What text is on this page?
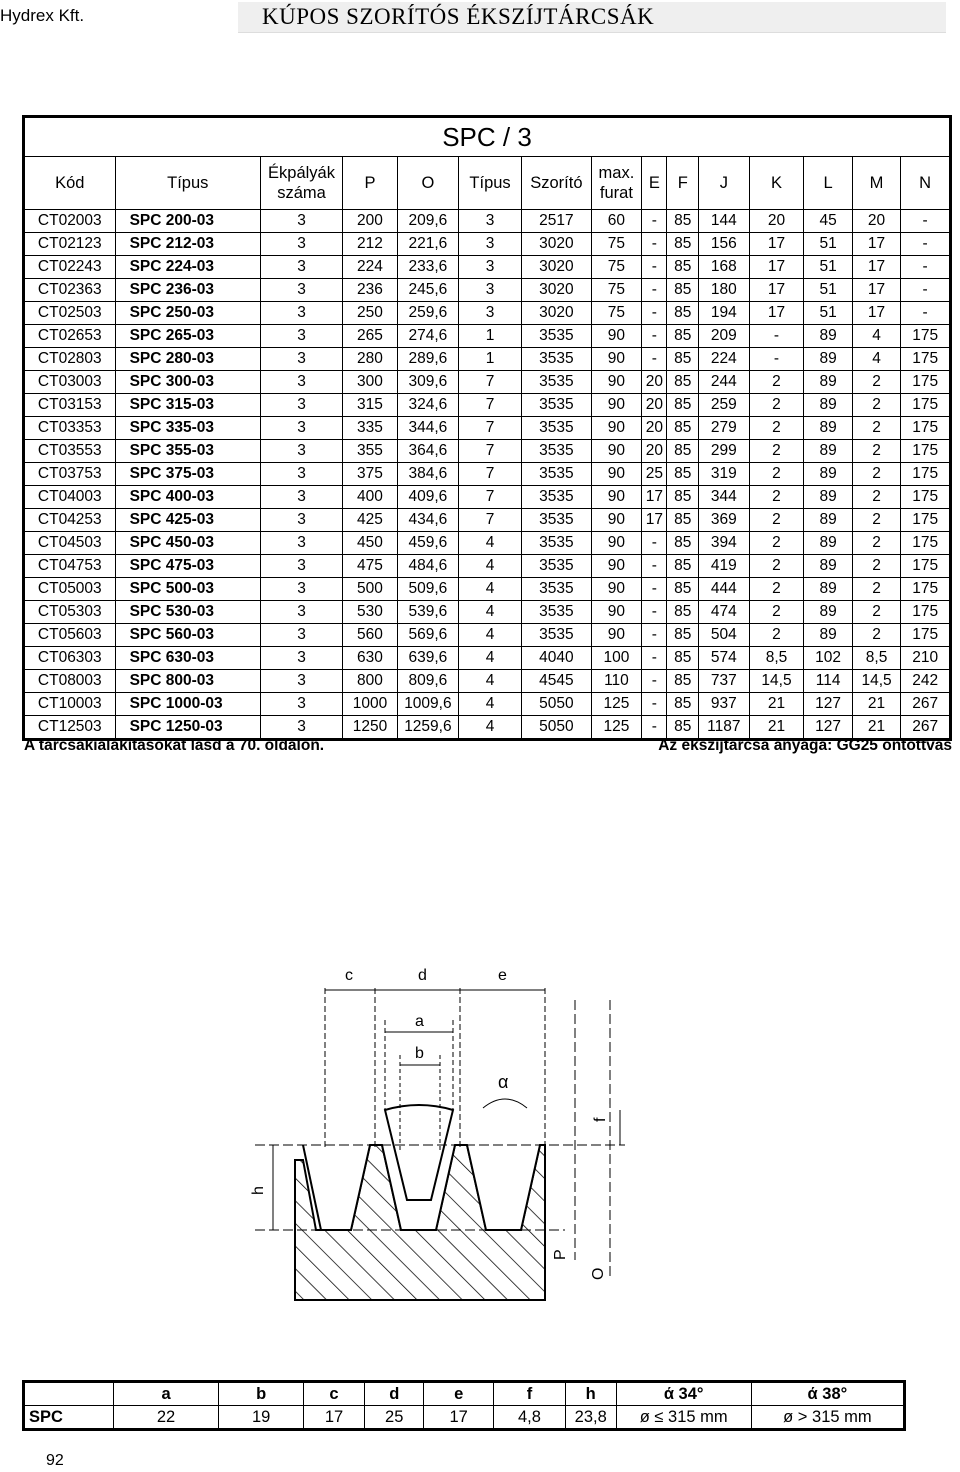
Hydrex Kft.	KÚPOS SZORÍTÓS ÉKSZÍJTÁRCSÁK
SPC / 3														
Kód	Típus	Ékpályák száma	P	O	Típus	Szorító	max. furat	E	F	J	K	L	M	N
CT02003	SPC 200-03	3	200	209,6	3	2517	60	-	85	144	20	45	20	-
CT02123	SPC 212-03	3	212	221,6	3	3020	75	-	85	156	17	51	17	-
CT02243	SPC 224-03	3	224	233,6	3	3020	75	-	85	168	17	51	17	-
CT02363	SPC 236-03	3	236	245,6	3	3020	75	-	85	180	17	51	17	-
CT02503	SPC 250-03	3	250	259,6	3	3020	75	-	85	194	17	51	17	-
CT02653	SPC 265-03	3	265	274,6	1	3535	90	-	85	209	-	89	4	175
CT02803	SPC 280-03	3	280	289,6	1	3535	90	-	85	224	-	89	4	175
CT03003	SPC 300-03	3	300	309,6	7	3535	90	20	85	244	2	89	2	175
CT03153	SPC 315-03	3	315	324,6	7	3535	90	20	85	259	2	89	2	175
CT03353	SPC 335-03	3	335	344,6	7	3535	90	20	85	279	2	89	2	175
CT03553	SPC 355-03	3	355	364,6	7	3535	90	20	85	299	2	89	2	175
CT03753	SPC 375-03	3	375	384,6	7	3535	90	25	85	319	2	89	2	175
CT04003	SPC 400-03	3	400	409,6	7	3535	90	17	85	344	2	89	2	175
CT04253	SPC 425-03	3	425	434,6	7	3535	90	17	85	369	2	89	2	175
CT04503	SPC 450-03	3	450	459,6	4	3535	90	-	85	394	2	89	2	175
CT04753	SPC 475-03	3	475	484,6	4	3535	90	-	85	419	2	89	2	175
CT05003	SPC 500-03	3	500	509,6	4	3535	90	-	85	444	2	89	2	175
CT05303	SPC 530-03	3	530	539,6	4	3535	90	-	85	474	2	89	2	175
CT05603	SPC 560-03	3	560	569,6	4	3535	90	-	85	504	2	89	2	175
CT06303	SPC 630-03	3	630	639,6	4	4040	100	-	85	574	8,5	102	8,5	210
CT08003	SPC 800-03	3	800	809,6	4	4545	110	-	85	737	14,5	114	14,5	242
CT10003	SPC 1000-03	3	1000	1009,6	4	5050	125	-	85	937	21	127	21	267
CT12503	SPC 1250-03	3	1250	1259,6	4	5050	125	-	85	1187	21	127	21	267
A tárcsakialakításokat lásd a 70. oldalon.	Az ékszíjtárcsa anyaga: GG25 öntöttvas
c	d	e
a
b
α
f
h
P
O
	a	b	c	d	e	f	h	ά 34°	ά 38°
SPC	22	19	17	25	17	4,8	23,8	ø ≤ 315 mm	ø > 315 mm
92
